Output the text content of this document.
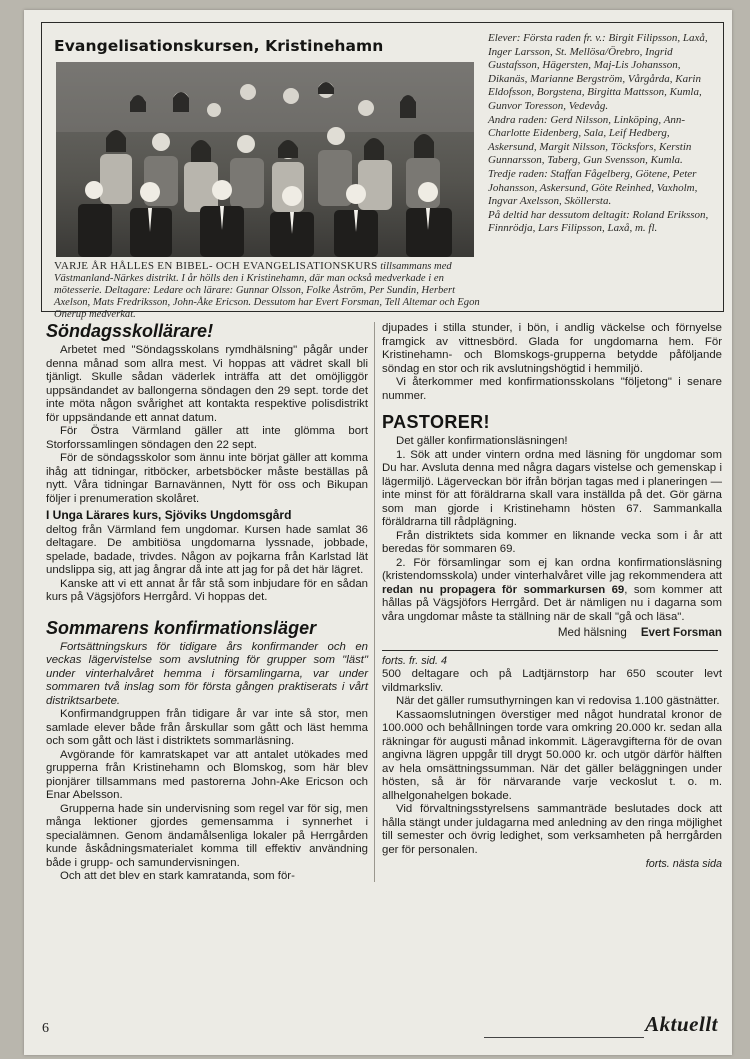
Evangelisationskursen, Kristinehamn
VARJE ÅR HÅLLES EN BIBEL- OCH EVANGELISATIONSKURS tillsammans med Västmanland-Närkes distrikt. I år hölls den i Kristinehamn, där man också medverkade i en mötesserie. Deltagare: Ledare och lärare: Gunnar Olsson, Folke Åström, Per Sundin, Herbert Axelson, Mats Fredriksson, John-Åke Ericson. Dessutom har Evert Forsman, Tell Altemar och Egon Onerup medverkat.

Elever: Första raden fr. v.: Birgit Filipsson, Laxå, Inger Larsson, St. Mellösa/Örebro, Ingrid Gustafsson, Hägersten, Maj-Lis Johansson, Dikanäs, Marianne Bergström, Vårgårda, Karin Eldofsson, Borgstena, Birgitta Mattsson, Kumla, Gunvor Toresson, Vedevåg.

Andra raden: Gerd Nilsson, Linköping, Ann-Charlotte Eidenberg, Sala, Leif Hedberg, Askersund, Margit Nilsson, Töcksfors, Kerstin Gunnarsson, Taberg, Gun Svensson, Kumla.

Tredje raden: Staffan Fågelberg, Götene, Peter Johansson, Askersund, Göte Reinhed, Vaxholm, Ingvar Axelsson, Sköllersta.

På deltid har dessutom deltagit: Roland Eriksson, Finnrödja, Lars Filipsson, Laxå, m. fl.

Söndagsskollärare!

Arbetet med "Söndagsskolans rymdhälsning" pågår under denna månad som allra mest. Vi hoppas att vädret skall bli tjänligt. Skulle sådan väderlek inträffa att det omöjliggör uppsändandet av ballongerna söndagen den 29 sept. torde det inte möta någon svårighet att kontakta respektive polisdistrikt för uppsändande ett annat datum.

För Östra Värmland gäller att inte glömma bort Storforssamlingen söndagen den 22 sept.

För de söndagsskolor som ännu inte börjat gäller att komma ihåg att tidningar, ritböcker, arbetsböcker måste beställas på nytt. Våra tidningar Barnavännen, Nytt för oss och Bikupan följer i prenumeration skolåret.

I Unga Lärares kurs, Sjöviks Ungdomsgård

deltog från Värmland fem ungdomar. Kursen hade samlat 36 deltagare. De ambitiösa ungdomarna lyssnade, jobbade, spelade, badade, trivdes. Någon av pojkarna från Karlstad lät undslippa sig, att jag ångrar då inte att jag for på det här lägret.

Kanske att vi ett annat år får stå som inbjudare för en sådan kurs på Vägsjöfors Herrgård. Vi hoppas det.

Sommarens konfirmationsläger

Fortsättningskurs för tidigare års konfirmander och en veckas lägervistelse som avslutning för grupper som "läst" under vinterhalvåret hemma i församlingarna, var under sommaren två inslag som för första gången praktiserats i vårt distriktsarbete.

Konfirmandgruppen från tidigare år var inte så stor, men samlade elever både från årskullar som gått och läst hemma och som gått och läst i distriktets sommarläsning.

Avgörande för kamratskapet var att antalet utökades med grupperna från Kristinehamn och Blomskog, som här blev pionjärer tillsammans med pastorerna John-Ake Ericson och Enar Abelsson.

Grupperna hade sin undervisning som regel var för sig, men många lektioner gjordes gemensamma i synnerhet i specialämnen. Genom ändamålsenliga lokaler på Herrgården kunde åskådningsmaterialet komma till effektiv användning både i grupp- och samundervisningen.

Och att det blev en stark kamratanda, som för-

djupades i stilla stunder, i bön, i andlig väckelse och förnyelse framgick av vittnesbörd. Glada for ungdomarna hem. För Kristinehamn- och Blomskogs-grupperna betydde påföljande söndag en stor och rik avslutningshögtid i hemmiljö.

Vi återkommer med konfirmationsskolans "följetong" i senare nummer.

PASTORER!

Det gäller konfirmationsläsningen!

1. Sök att under vintern ordna med läsning för ungdomar som Du har. Avsluta denna med några dagars vistelse och gemenskap i lägermiljö. Lägerveckan bör ifrån början tagas med i planeringen — inte minst för att föräldrarna skall vara inställda på det. Gör gärna som man gjorde i Kristinehamn hösten 67. Sammankalla föräldrarna till rådplägning.

Från distriktets sida kommer en liknande vecka som i år att beredas för sommaren 69.

2. För församlingar som ej kan ordna konfirmationsläsning (kristendomsskola) under vinterhalvåret ville jag rekommendera att redan nu propagera för sommarkursen 69, som kommer att hållas på Vägsjöfors Herrgård. Det är nämligen nu i dagarna som våra ungdomar måste ta ställning när de skall "gå och läsa".

Med hälsning Evert Forsman
forts. fr. sid. 4

500 deltagare och på Ladtjärnstorp har 650 scouter levt vildmarksliv.

När det gäller rumsuthyrningen kan vi redovisa 1.100 gästnätter.

Kassaomslutningen överstiger med något hundratal kronor de 100.000 och behållningen torde vara omkring 20.000 kr. sedan alla räkningar för augusti månad inkommit. Lägeravgifterna för de ovan angivna lägren uppgår till drygt 50.000 kr. och utgör därför hälften av hela omsättningssumman. När det gäller beläggningen under hösten, så är för närvarande varje veckoslut t. o. m. allhelgonahelgen bokade.

Vid förvaltningsstyrelsens sammanträde beslutades dock att hålla stängt under juldagarna med anledning av den ringa möjlighet till semester och övrig ledighet, som verksamheten på herrgården ger för personalen.

forts. nästa sida
6	Aktuellt
